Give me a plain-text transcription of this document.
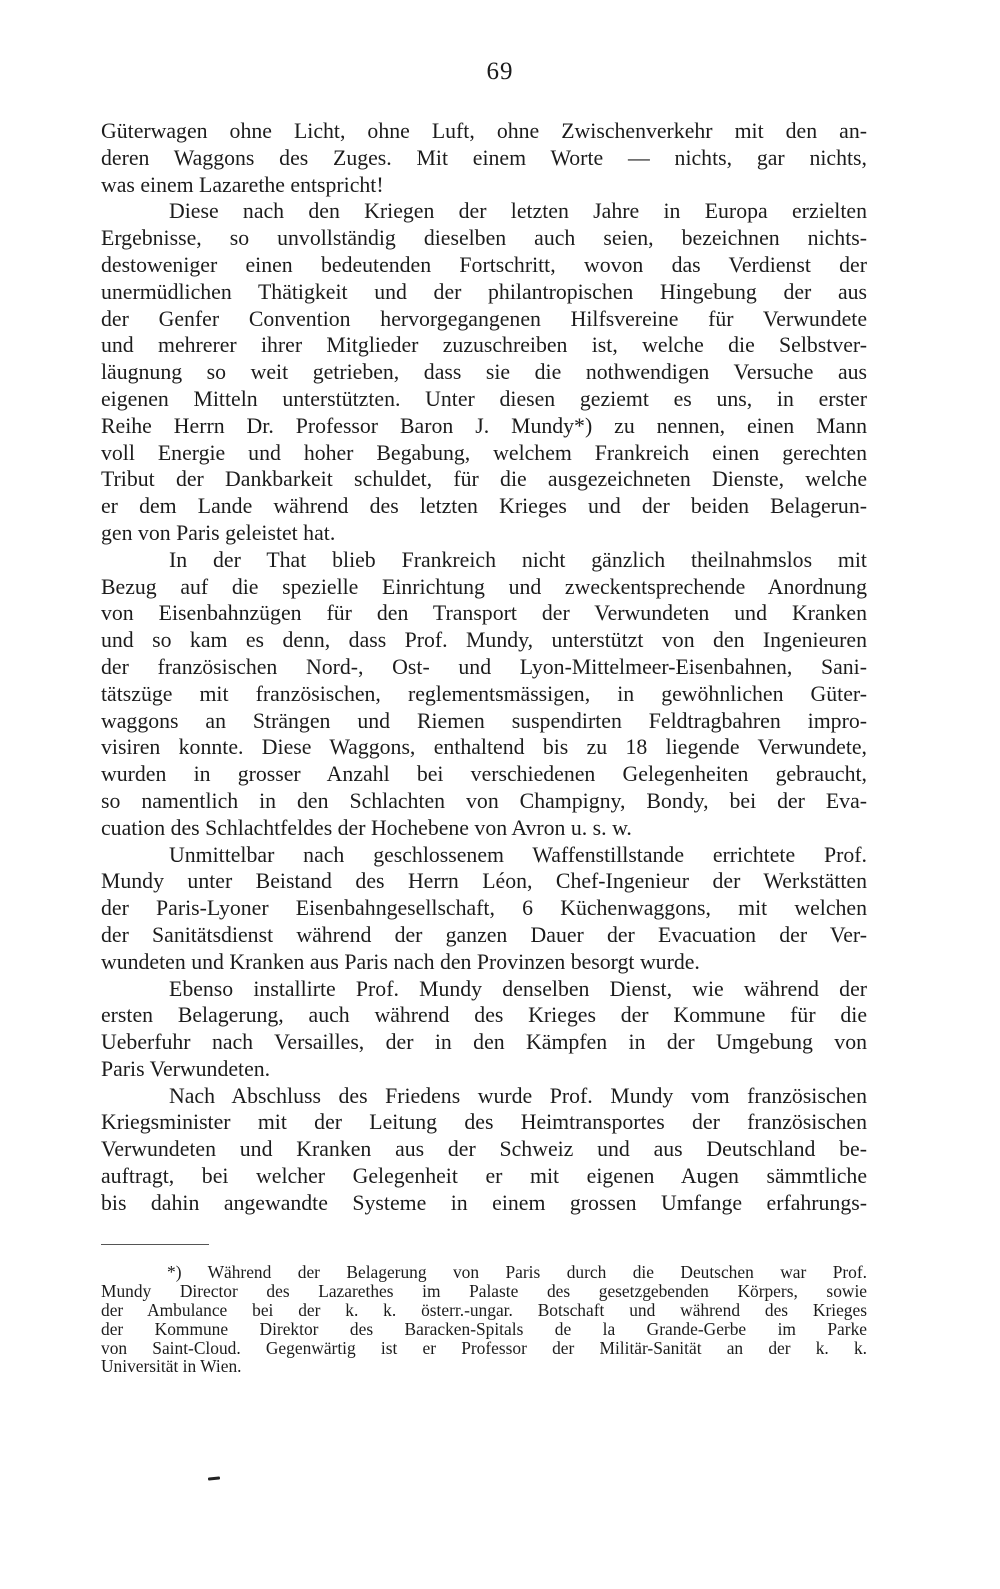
69
Güterwagen ohne Licht, ohne Luft, ohne Zwischenverkehr mit den an-
deren Waggons des Zuges. Mit einem Worte — nichts, gar nichts,
was einem Lazarethe entspricht!
Diese nach den Kriegen der letzten Jahre in Europa erzielten
Ergebnisse, so unvollständig dieselben auch seien, bezeichnen nichts-
destoweniger einen bedeutenden Fortschritt, wovon das Verdienst der
unermüdlichen Thätigkeit und der philantropischen Hingebung der aus
der Genfer Convention hervorgegangenen Hilfsvereine für Verwundete
und mehrerer ihrer Mitglieder zuzuschreiben ist, welche die Selbstver-
läugnung so weit getrieben, dass sie die nothwendigen Versuche aus
eigenen Mitteln unterstützten. Unter diesen geziemt es uns, in erster
Reihe Herrn Dr. Professor Baron J. Mundy*) zu nennen, einen Mann
voll Energie und hoher Begabung, welchem Frankreich einen gerechten
Tribut der Dankbarkeit schuldet, für die ausgezeichneten Dienste, welche
er dem Lande während des letzten Krieges und der beiden Belagerun-
gen von Paris geleistet hat.
In der That blieb Frankreich nicht gänzlich theilnahmslos mit
Bezug auf die spezielle Einrichtung und zweckentsprechende Anordnung
von Eisenbahnzügen für den Transport der Verwundeten und Kranken
und so kam es denn, dass Prof. Mundy, unterstützt von den Ingenieuren
der französischen Nord-, Ost- und Lyon-Mittelmeer-Eisenbahnen, Sani-
tätszüge mit französischen, reglementsmässigen, in gewöhnlichen Güter-
waggons an Strängen und Riemen suspendirten Feldtragbahren impro-
visiren konnte. Diese Waggons, enthaltend bis zu 18 liegende Verwundete,
wurden in grosser Anzahl bei verschiedenen Gelegenheiten gebraucht,
so namentlich in den Schlachten von Champigny, Bondy, bei der Eva-
cuation des Schlachtfeldes der Hochebene von Avron u. s. w.
Unmittelbar nach geschlossenem Waffenstillstande errichtete Prof.
Mundy unter Beistand des Herrn Léon, Chef-Ingenieur der Werkstätten
der Paris-Lyoner Eisenbahngesellschaft, 6 Küchenwaggons, mit welchen
der Sanitätsdienst während der ganzen Dauer der Evacuation der Ver-
wundeten und Kranken aus Paris nach den Provinzen besorgt wurde.
Ebenso installirte Prof. Mundy denselben Dienst, wie während der
ersten Belagerung, auch während des Krieges der Kommune für die
Ueberfuhr nach Versailles, der in den Kämpfen in der Umgebung von
Paris Verwundeten.
Nach Abschluss des Friedens wurde Prof. Mundy vom französischen
Kriegsminister mit der Leitung des Heimtransportes der französischen
Verwundeten und Kranken aus der Schweiz und aus Deutschland be-
auftragt, bei welcher Gelegenheit er mit eigenen Augen sämmtliche
bis dahin angewandte Systeme in einem grossen Umfange erfahrungs-
*) Während der Belagerung von Paris durch die Deutschen war Prof.
Mundy Director des Lazarethes im Palaste des gesetzgebenden Körpers, sowie
der Ambulance bei der k. k. österr.-ungar. Botschaft und während des Krieges
der Kommune Direktor des Baracken-Spitals de la Grande-Gerbe im Parke
von Saint-Cloud. Gegenwärtig ist er Professor der Militär-Sanität an der k. k.
Universität in Wien.
